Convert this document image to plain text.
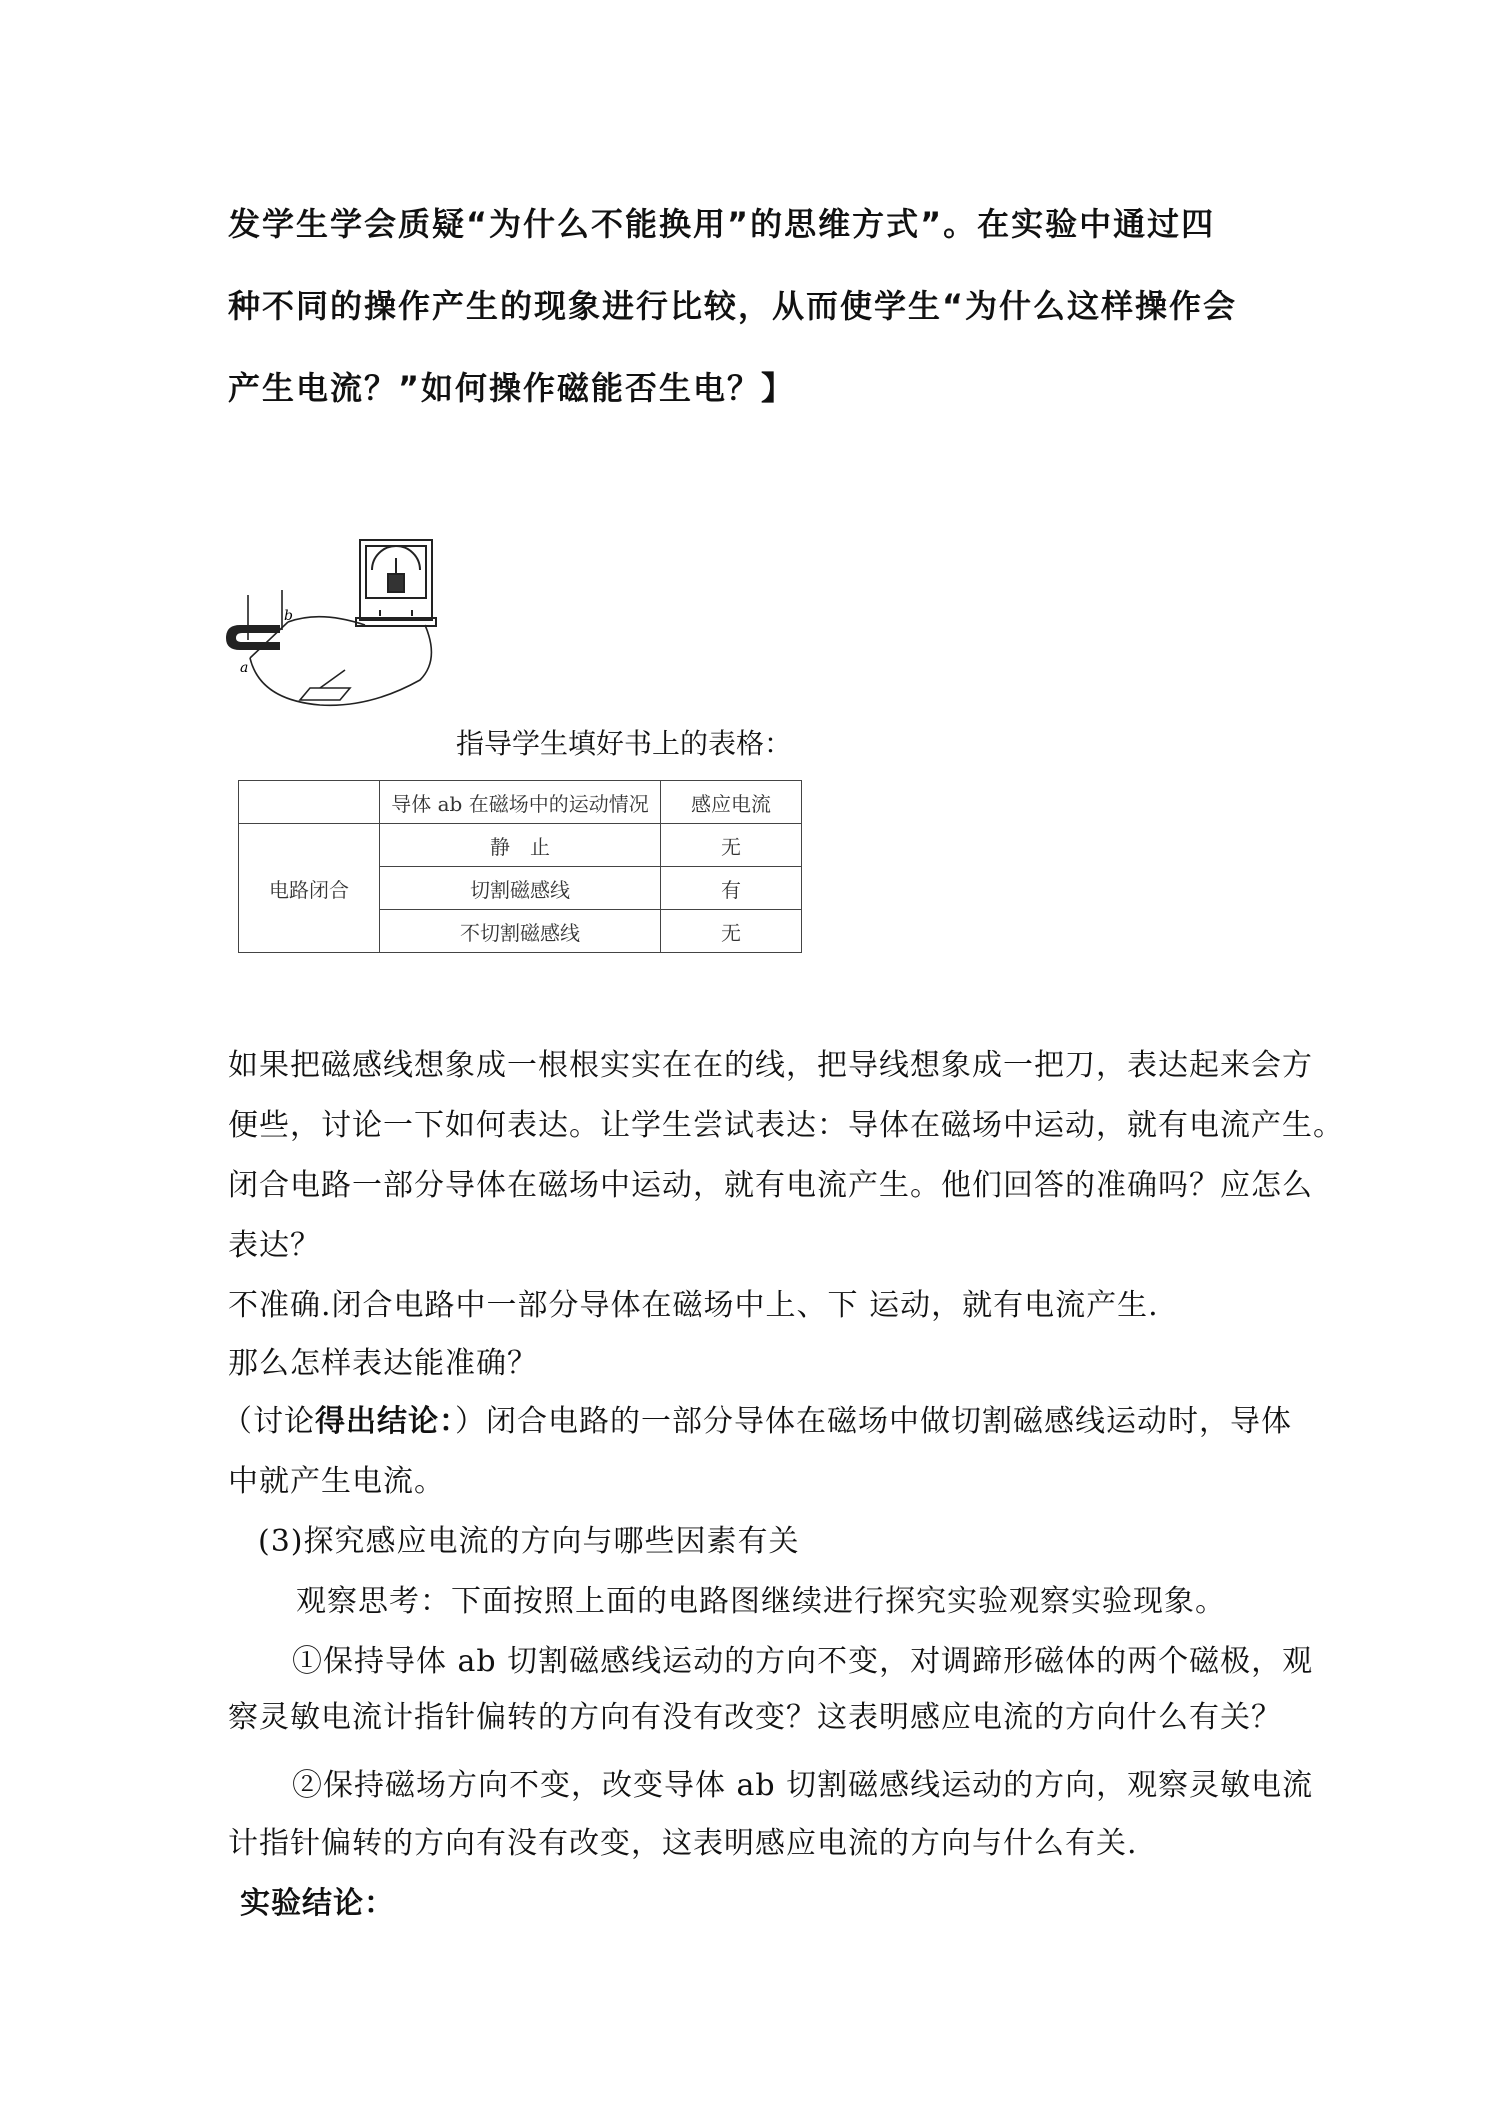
发学生学会质疑“为什么不能换用”的思维方式”。在实验中通过四
种不同的操作产生的现象进行比较，从而使学生“为什么这样操作会
产生电流？”如何操作磁能否生电？】
b
a
指导学生填好书上的表格：
	导体 ab 在磁场中的运动情况	感应电流
电路闭合	静　止	无
	切割磁感线	有
	不切割磁感线	无
如果把磁感线想象成一根根实实在在的线，把导线想象成一把刀，表达起来会方
便些，讨论一下如何表达。让学生尝试表达：导体在磁场中运动，就有电流产生。
闭合电路一部分导体在磁场中运动，就有电流产生。他们回答的准确吗？应怎么
表达？
不准确.闭合电路中一部分导体在磁场中上、下 运动，就有电流产生.
那么怎样表达能准确？
（讨论得出结论：）闭合电路的一部分导体在磁场中做切割磁感线运动时，导体
中就产生电流。
(3)探究感应电流的方向与哪些因素有关
观察思考：下面按照上面的电路图继续进行探究实验观察实验现象。
①保持导体 ab 切割磁感线运动的方向不变，对调蹄形磁体的两个磁极，观
察灵敏电流计指针偏转的方向有没有改变？这表明感应电流的方向什么有关？
②保持磁场方向不变，改变导体 ab 切割磁感线运动的方向，观察灵敏电流
实验结论：
计指针偏转的方向有没有改变，这表明感应电流的方向与什么有关.
